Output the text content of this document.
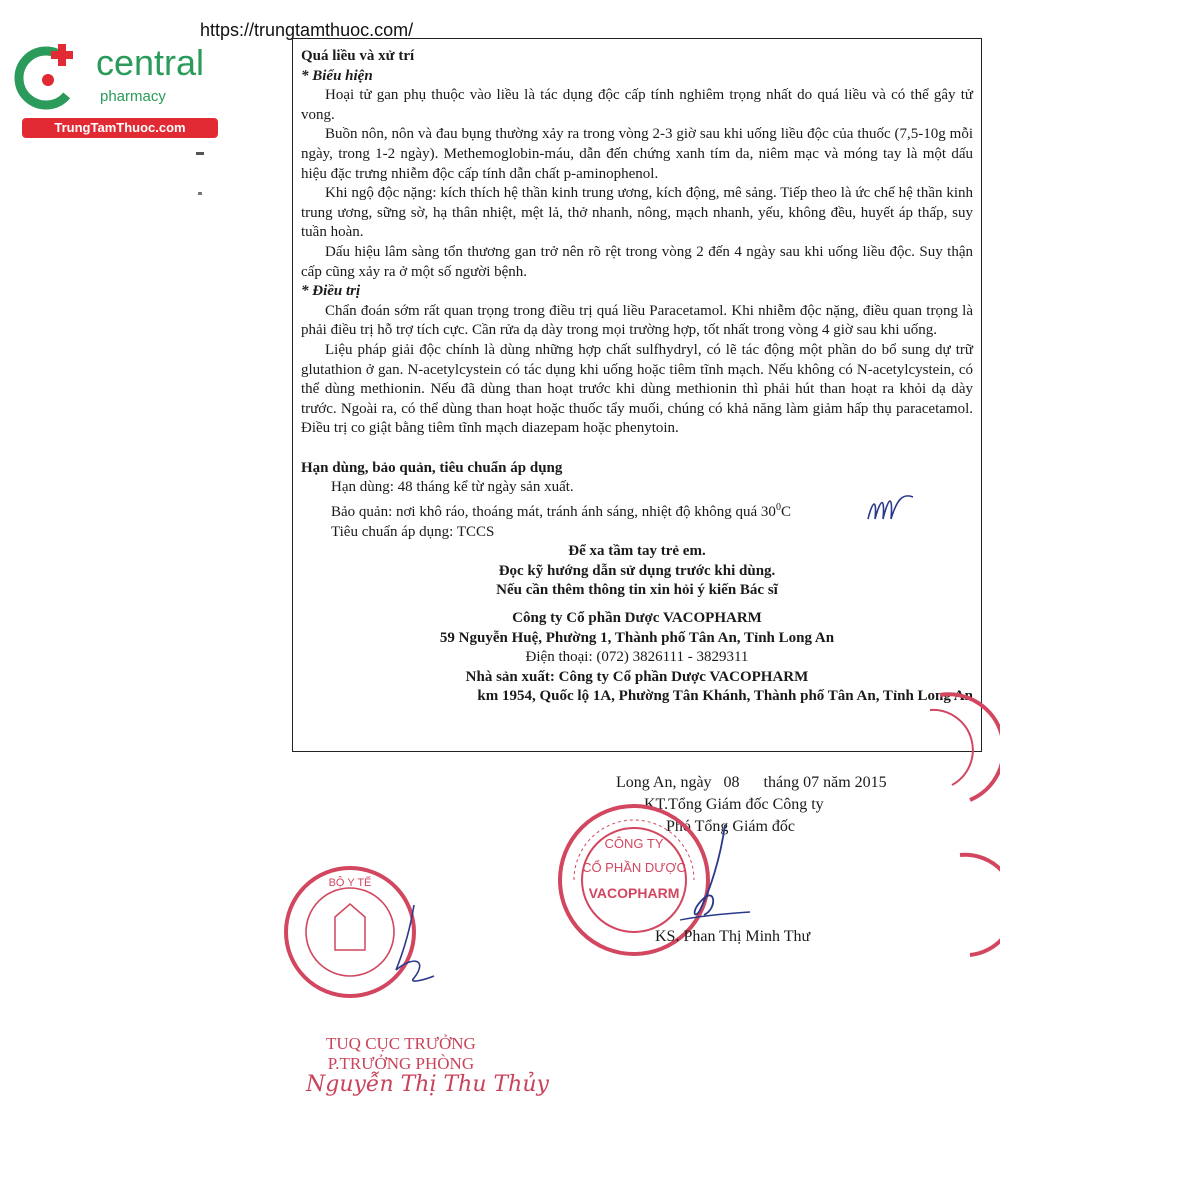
https://trungtamthuoc.com/
central
pharmacy
TrungTamThuoc.com

Quá liều và xử trí

* Biểu hiện

Hoại tử gan phụ thuộc vào liều là tác dụng độc cấp tính nghiêm trọng nhất do quá liều và có thể gây tử vong.

Buồn nôn, nôn và đau bụng thường xảy ra trong vòng 2-3 giờ sau khi uống liều độc của thuốc (7,5-10g mỗi ngày, trong 1-2 ngày). Methemoglobin-máu, dẫn đến chứng xanh tím da, niêm mạc và móng tay là một dấu hiệu đặc trưng nhiễm độc cấp tính dẫn chất p-aminophenol.

Khi ngộ độc nặng: kích thích hệ thần kinh trung ương, kích động, mê sảng. Tiếp theo là ức chế hệ thần kinh trung ương, sững sờ, hạ thân nhiệt, mệt lả, thở nhanh, nông, mạch nhanh, yếu, không đều, huyết áp thấp, suy tuần hoàn.

Dấu hiệu lâm sàng tổn thương gan trở nên rõ rệt trong vòng 2 đến 4 ngày sau khi uống liều độc. Suy thận cấp cũng xảy ra ở một số người bệnh.

* Điều trị

Chẩn đoán sớm rất quan trọng trong điều trị quá liều Paracetamol. Khi nhiễm độc nặng, điều quan trọng là phải điều trị hỗ trợ tích cực. Cần rửa dạ dày trong mọi trường hợp, tốt nhất trong vòng 4 giờ sau khi uống.

Liệu pháp giải độc chính là dùng những hợp chất sulfhydryl, có lẽ tác động một phần do bổ sung dự trữ glutathion ở gan. N-acetylcystein có tác dụng khi uống hoặc tiêm tĩnh mạch. Nếu không có N-acetylcystein, có thể dùng methionin. Nếu đã dùng than hoạt trước khi dùng methionin thì phải hút than hoạt ra khỏi dạ dày trước. Ngoài ra, có thể dùng than hoạt hoặc thuốc tẩy muối, chúng có khả năng làm giảm hấp thụ paracetamol. Điều trị co giật bằng tiêm tĩnh mạch diazepam hoặc phenytoin.

Hạn dùng, bảo quản, tiêu chuẩn áp dụng

Hạn dùng: 48 tháng kể từ ngày sản xuất.

Bảo quản: nơi khô ráo, thoáng mát, tránh ánh sáng, nhiệt độ không quá $30^0C$

Tiêu chuẩn áp dụng: TCCS

Để xa tầm tay trẻ em.

Đọc kỹ hướng dẫn sử dụng trước khi dùng.

Nếu cần thêm thông tin xin hỏi ý kiến Bác sĩ

Công ty Cổ phần Dược VACOPHARM

59 Nguyễn Huệ, Phường 1, Thành phố Tân An, Tỉnh Long An

Điện thoại: (072) 3826111 - 3829311

Nhà sản xuất: Công ty Cổ phần Dược VACOPHARM

km 1954, Quốc lộ 1A, Phường Tân Khánh, Thành phố Tân An, Tỉnh Long An

Long An, ngày   08      tháng 07 năm 2015
KT.Tổng Giám đốc Công ty
Phó Tổng Giám đốc
CÔNG TY
CỔ PHẦN DƯỢC
VACOPHARM
KS. Phan Thị Minh Thư
BỘ Y TẾ
TUQ CỤC TRƯỞNG
P.TRƯỞNG PHÒNG
Nguyễn Thị Thu Thủy
